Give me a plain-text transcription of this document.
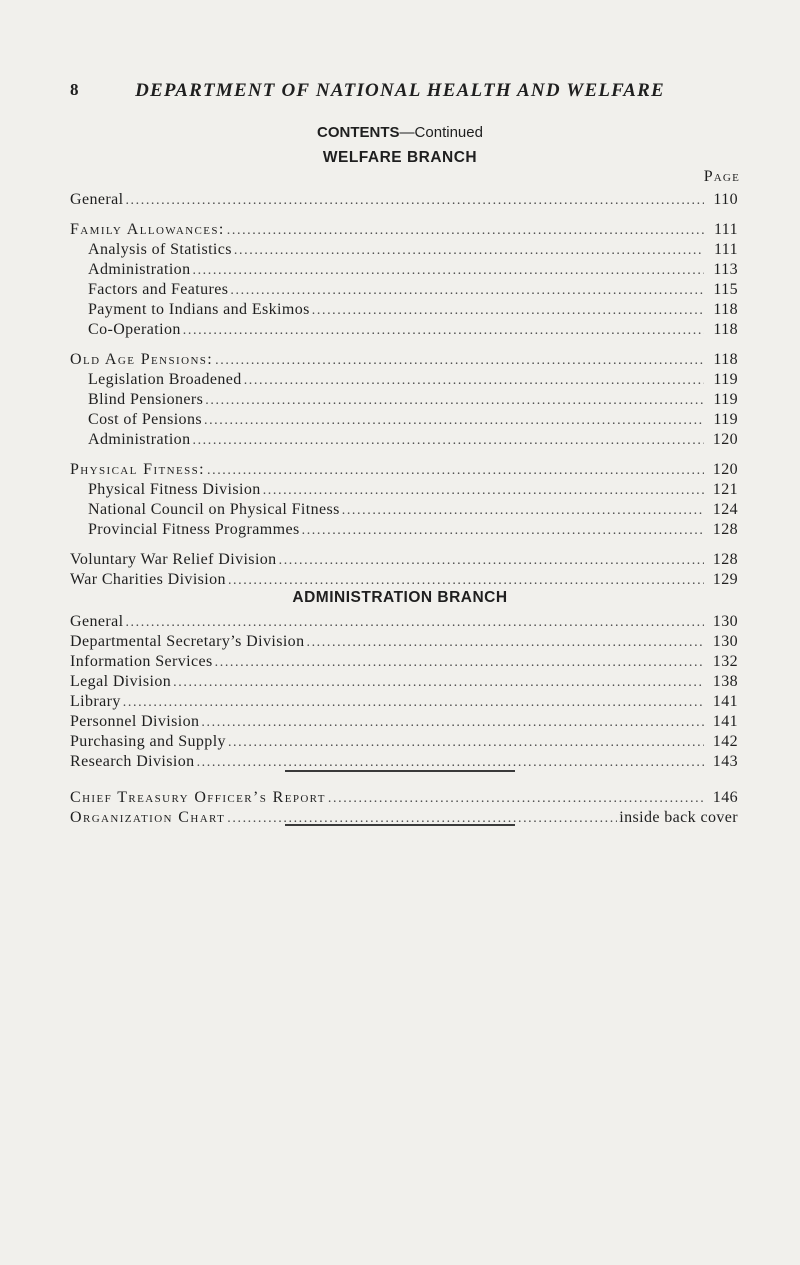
8	DEPARTMENT OF NATIONAL HEALTH AND WELFARE
CONTENTS—Continued
WELFARE BRANCH
Page
General .....	110
Family Allowances: .....	111
Analysis of Statistics .....	111
Administration .....	113
Factors and Features .....	115
Payment to Indians and Eskimos .....	118
Co-Operation .....	118
Old Age Pensions: .....	118
Legislation Broadened .....	119
Blind Pensioners .....	119
Cost of Pensions .....	119
Administration .....	120
Physical Fitness: .....	120
Physical Fitness Division .....	121
National Council on Physical Fitness .....	124
Provincial Fitness Programmes .....	128
Voluntary War Relief Division .....	128
War Charities Division .....	129
ADMINISTRATION BRANCH
General .....	130
Departmental Secretary’s Division .....	130
Information Services .....	132
Legal Division .....	138
Library .....	141
Personnel Division .....	141
Purchasing and Supply .....	142
Research Division .....	143
Chief Treasury Officer’s Report .....	146
Organization Chart .....	inside back cover
